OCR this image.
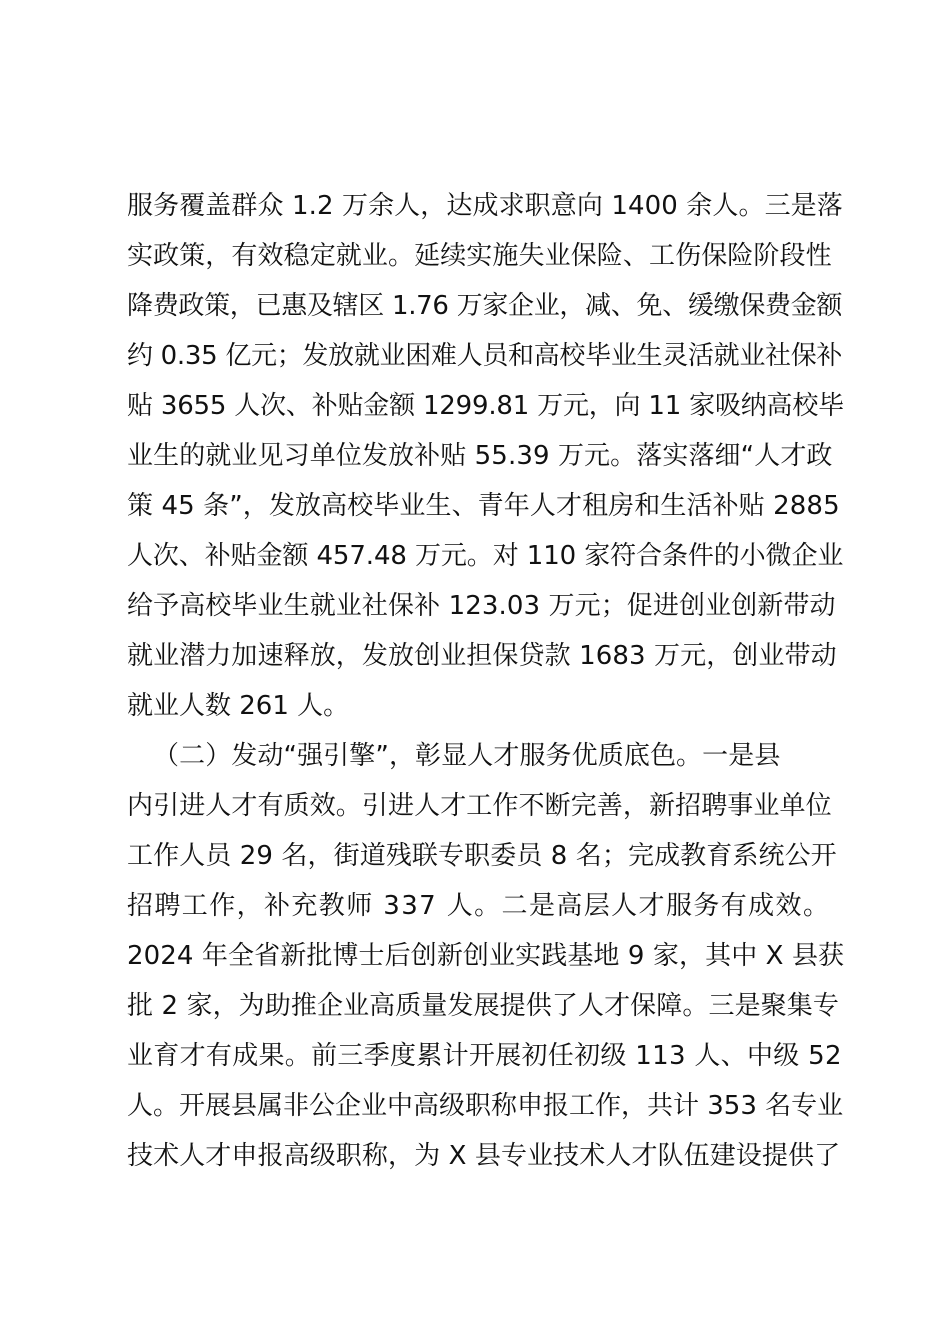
服务覆盖群众 1.2 万余人，达成求职意向 1400 余人。三是落
实政策，有效稳定就业。延续实施失业保险、工伤保险阶段性
降费政策，已惠及辖区 1.76 万家企业，减、免、缓缴保费金额
约 0.35 亿元；发放就业困难人员和高校毕业生灵活就业社保补
贴 3655 人次、补贴金额 1299.81 万元，向 11 家吸纳高校毕
业生的就业见习单位发放补贴 55.39 万元。落实落细“人才政
策 45 条”，发放高校毕业生、青年人才租房和生活补贴 2885
人次、补贴金额 457.48 万元。对 110 家符合条件的小微企业
给予高校毕业生就业社保补 123.03 万元；促进创业创新带动
就业潜力加速释放，发放创业担保贷款 1683 万元，创业带动
就业人数 261 人。
（二）发动“强引擎”，彰显人才服务优质底色。一是县
内引进人才有质效。引进人才工作不断完善，新招聘事业单位
工作人员 29 名，街道残联专职委员 8 名；完成教育系统公开
招聘工作，补充教师 337 人。二是高层人才服务有成效。
2024 年全省新批博士后创新创业实践基地 9 家，其中 X 县获
批 2 家，为助推企业高质量发展提供了人才保障。三是聚集专
业育才有成果。前三季度累计开展初任初级 113 人、中级 52
人。开展县属非公企业中高级职称申报工作，共计 353 名专业
技术人才申报高级职称，为 X 县专业技术人才队伍建设提供了
